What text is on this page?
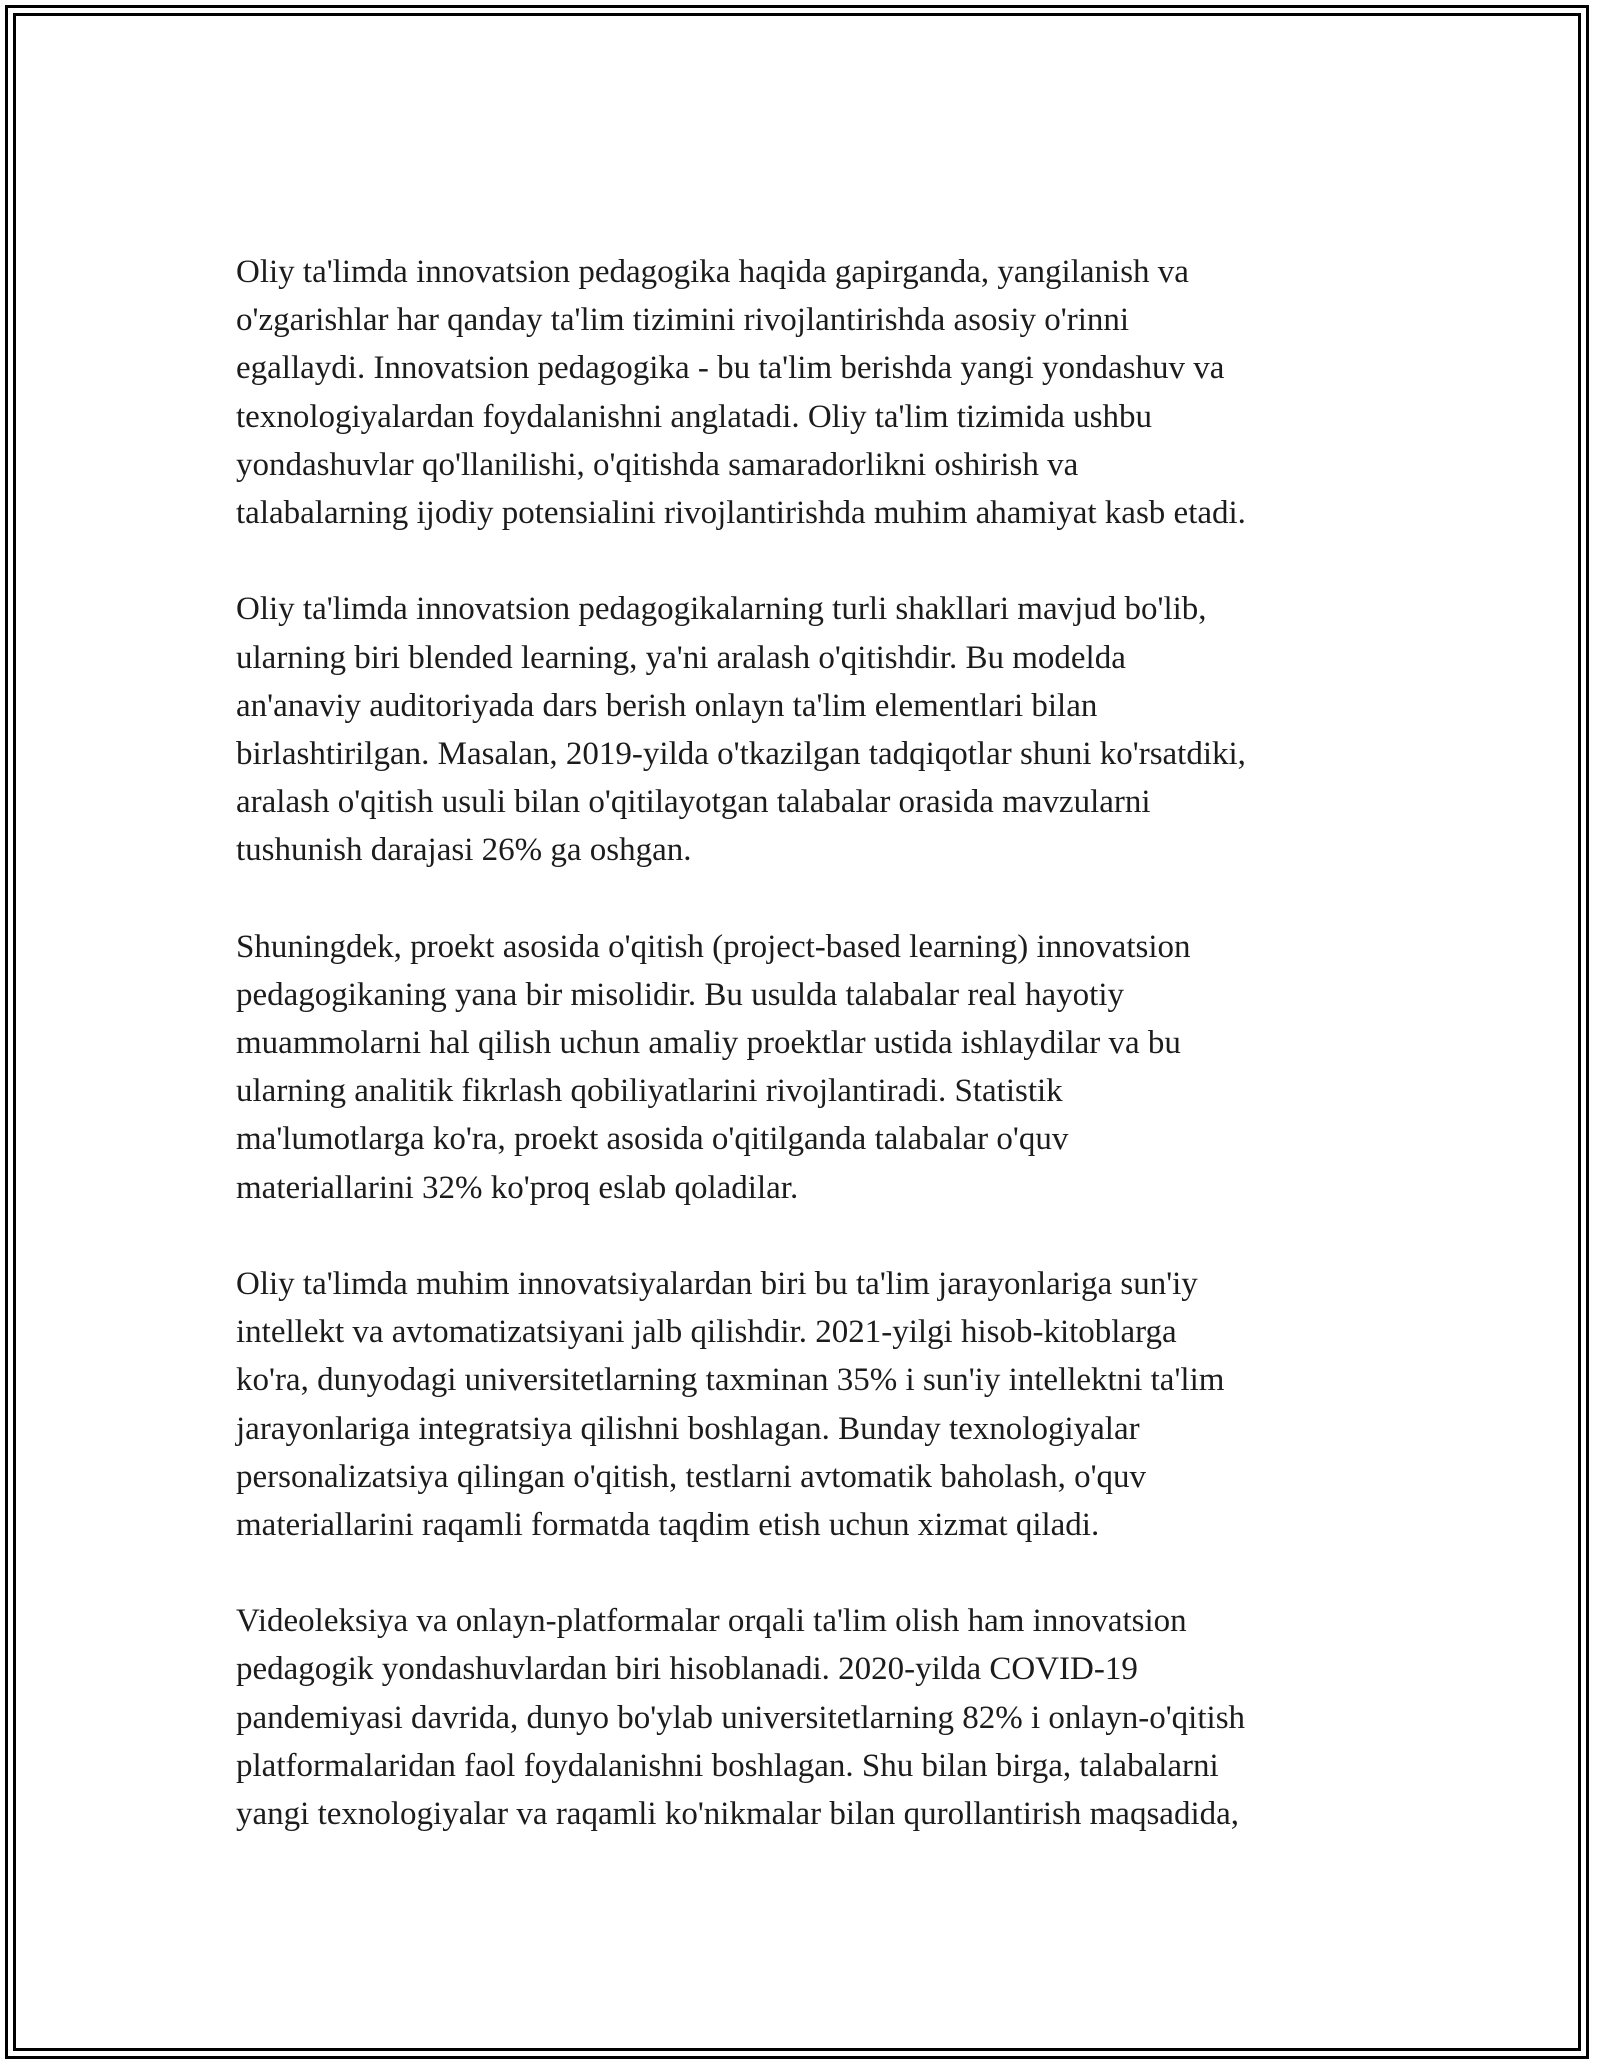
Oliy ta'limda innovatsion pedagogika haqida gapirganda, yangilanish va
o'zgarishlar har qanday ta'lim tizimini rivojlantirishda asosiy o'rinni
egallaydi. Innovatsion pedagogika - bu ta'lim berishda yangi yondashuv va
texnologiyalardan foydalanishni anglatadi. Oliy ta'lim tizimida ushbu
yondashuvlar qo'llanilishi, o'qitishda samaradorlikni oshirish va
talabalarning ijodiy potensialini rivojlantirishda muhim ahamiyat kasb etadi.
Oliy ta'limda innovatsion pedagogikalarning turli shakllari mavjud bo'lib,
ularning biri blended learning, ya'ni aralash o'qitishdir. Bu modelda
an'anaviy auditoriyada dars berish onlayn ta'lim elementlari bilan
birlashtirilgan. Masalan, 2019-yilda o'tkazilgan tadqiqotlar shuni ko'rsatdiki,
aralash o'qitish usuli bilan o'qitilayotgan talabalar orasida mavzularni
tushunish darajasi 26% ga oshgan.
Shuningdek, proekt asosida o'qitish (project-based learning) innovatsion
pedagogikaning yana bir misolidir. Bu usulda talabalar real hayotiy
muammolarni hal qilish uchun amaliy proektlar ustida ishlaydilar va bu
ularning analitik fikrlash qobiliyatlarini rivojlantiradi. Statistik
ma'lumotlarga ko'ra, proekt asosida o'qitilganda talabalar o'quv
materiallarini 32% ko'proq eslab qoladilar.
Oliy ta'limda muhim innovatsiyalardan biri bu ta'lim jarayonlariga sun'iy
intellekt va avtomatizatsiyani jalb qilishdir. 2021-yilgi hisob-kitoblarga
ko'ra, dunyodagi universitetlarning taxminan 35% i sun'iy intellektni ta'lim
jarayonlariga integratsiya qilishni boshlagan. Bunday texnologiyalar
personalizatsiya qilingan o'qitish, testlarni avtomatik baholash, o'quv
materiallarini raqamli formatda taqdim etish uchun xizmat qiladi.
Videoleksiya va onlayn-platformalar orqali ta'lim olish ham innovatsion
pedagogik yondashuvlardan biri hisoblanadi. 2020-yilda COVID-19
pandemiyasi davrida, dunyo bo'ylab universitetlarning 82% i onlayn-o'qitish
platformalaridan faol foydalanishni boshlagan. Shu bilan birga, talabalarni
yangi texnologiyalar va raqamli ko'nikmalar bilan qurollantirish maqsadida,
